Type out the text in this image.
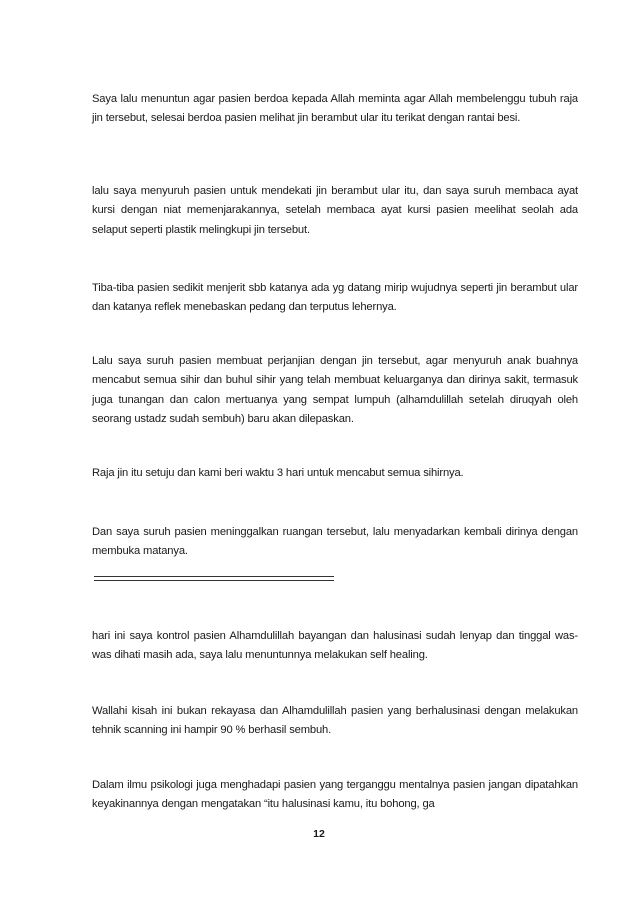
Saya lalu menuntun agar pasien berdoa kepada Allah meminta agar Allah membelenggu tubuh raja jin tersebut, selesai berdoa pasien melihat jin berambut ular itu terikat dengan rantai besi.

lalu saya menyuruh pasien untuk mendekati jin berambut ular itu, dan saya suruh membaca ayat kursi dengan niat memenjarakannya, setelah membaca ayat kursi pasien meelihat seolah ada selaput seperti plastik melingkupi jin tersebut.

Tiba-tiba pasien sedikit menjerit sbb katanya ada yg datang mirip wujudnya seperti jin berambut ular dan katanya reflek menebaskan pedang dan terputus lehernya.

Lalu saya suruh pasien membuat perjanjian dengan jin tersebut, agar menyuruh anak buahnya mencabut semua sihir dan buhul sihir yang telah membuat keluarganya dan dirinya sakit, termasuk juga tunangan dan calon mertuanya yang sempat lumpuh (alhamdulillah setelah diruqyah oleh seorang ustadz sudah sembuh) baru akan dilepaskan.

Raja jin itu setuju dan kami beri waktu 3 hari untuk mencabut semua sihirnya.

Dan saya suruh pasien meninggalkan ruangan tersebut, lalu menyadarkan kembali dirinya dengan membuka matanya.

hari ini saya kontrol pasien Alhamdulillah bayangan dan halusinasi sudah lenyap dan tinggal was-was dihati masih ada, saya lalu menuntunnya melakukan self healing.

Wallahi kisah ini bukan rekayasa dan Alhamdulillah pasien yang berhalusinasi dengan melakukan tehnik scanning ini hampir 90 % berhasil sembuh.

Dalam ilmu psikologi juga menghadapi pasien yang terganggu mentalnya pasien jangan dipatahkan keyakinannya dengan mengatakan “itu halusinasi kamu, itu bohong, ga

12
